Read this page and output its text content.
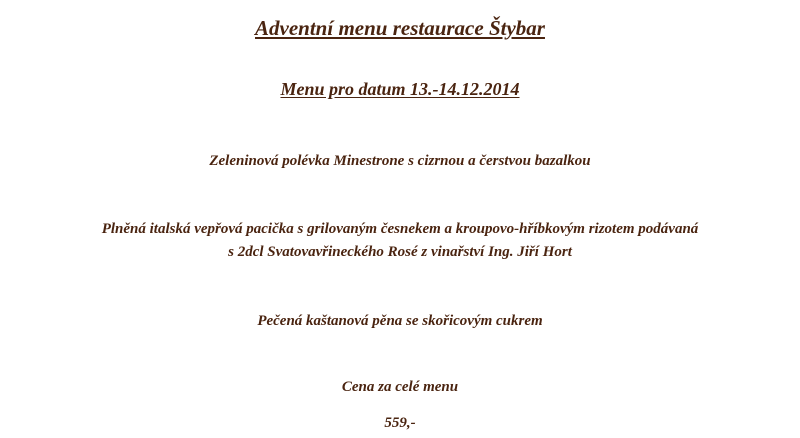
Adventní menu restaurace Štybar
Menu pro datum 13.-14.12.2014
Zeleninová polévka Minestrone s cizrnou a čerstvou bazalkou
Plněná italská vepřová pacička s grilovaným česnekem a kroupovo-hříbkovým rizotem podávaná
s 2dcl Svatovavřineckého Rosé z vinařství Ing. Jiří Hort
Pečená kaštanová pěna se skořicovým cukrem
Cena za celé menu
559,-
